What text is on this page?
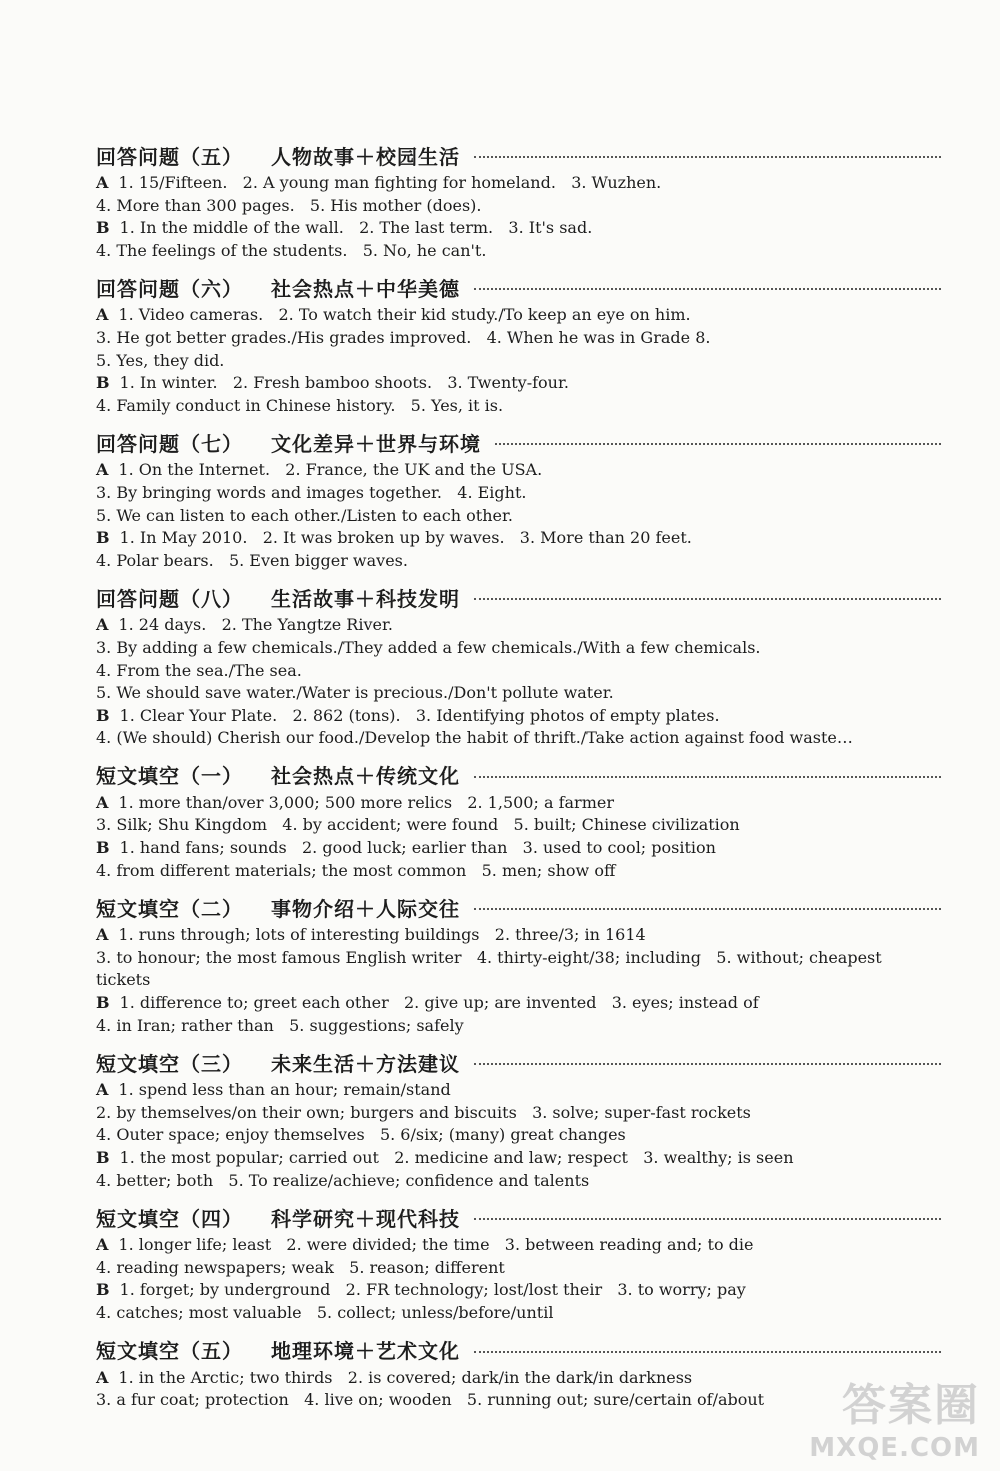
回答问题（五） 人物故事＋校园生活
A 1. 15/Fifteen.   2. A young man fighting for homeland.   3. Wuzhen.
4. More than 300 pages.   5. His mother (does).
B 1. In the middle of the wall.   2. The last term.   3. It's sad.
4. The feelings of the students.   5. No, he can't.
回答问题（六） 社会热点＋中华美德
A 1. Video cameras.   2. To watch their kid study./To keep an eye on him.
3. He got better grades./His grades improved.   4. When he was in Grade 8.
5. Yes, they did.
B 1. In winter.   2. Fresh bamboo shoots.   3. Twenty-four.
4. Family conduct in Chinese history.   5. Yes, it is.
回答问题（七） 文化差异＋世界与环境
A 1. On the Internet.   2. France, the UK and the USA.
3. By bringing words and images together.   4. Eight.
5. We can listen to each other./Listen to each other.
B 1. In May 2010.   2. It was broken up by waves.   3. More than 20 feet.
4. Polar bears.   5. Even bigger waves.
回答问题（八） 生活故事＋科技发明
A 1. 24 days.   2. The Yangtze River.
3. By adding a few chemicals./They added a few chemicals./With a few chemicals.
4. From the sea./The sea.
5. We should save water./Water is precious./Don't pollute water.
B 1. Clear Your Plate.   2. 862 (tons).   3. Identifying photos of empty plates.
4. (We should) Cherish our food./Develop the habit of thrift./Take action against food waste…
短文填空（一） 社会热点＋传统文化
A 1. more than/over 3,000; 500 more relics   2. 1,500; a farmer
3. Silk; Shu Kingdom   4. by accident; were found   5. built; Chinese civilization
B 1. hand fans; sounds   2. good luck; earlier than   3. used to cool; position
4. from different materials; the most common   5. men; show off
短文填空（二） 事物介绍＋人际交往
A 1. runs through; lots of interesting buildings   2. three/3; in 1614
3. to honour; the most famous English writer   4. thirty-eight/38; including   5. without; cheapest tickets
B 1. difference to; greet each other   2. give up; are invented   3. eyes; instead of
4. in Iran; rather than   5. suggestions; safely
短文填空（三） 未来生活＋方法建议
A 1. spend less than an hour; remain/stand
2. by themselves/on their own; burgers and biscuits   3. solve; super-fast rockets
4. Outer space; enjoy themselves   5. 6/six; (many) great changes
B 1. the most popular; carried out   2. medicine and law; respect   3. wealthy; is seen
4. better; both   5. To realize/achieve; confidence and talents
短文填空（四） 科学研究＋现代科技
A 1. longer life; least   2. were divided; the time   3. between reading and; to die
4. reading newspapers; weak   5. reason; different
B 1. forget; by underground   2. FR technology; lost/lost their   3. to worry; pay
4. catches; most valuable   5. collect; unless/before/until
短文填空（五） 地理环境＋艺术文化
A 1. in the Arctic; two thirds   2. is covered; dark/in the dark/in darkness
3. a fur coat; protection   4. live on; wooden   5. running out; sure/certain of/about	答案圈
MXQE.COM
